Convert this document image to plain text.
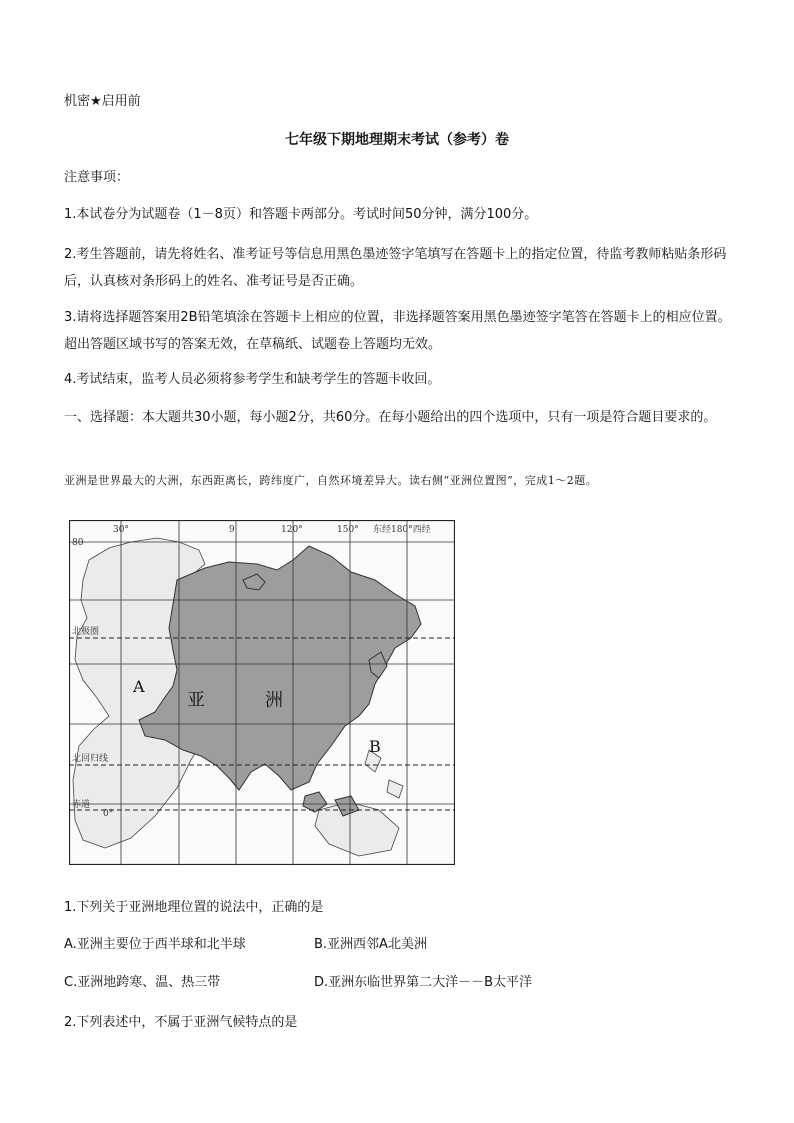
机密★启用前
七年级下期地理期末考试（参考）卷
注意事项：
1.本试卷分为试题卷（1－8页）和答题卡两部分。考试时间50分钟，满分100分。
2.考生答题前，请先将姓名、准考证号等信息用黑色墨迹签字笔填写在答题卡上的指定位置，待监考教师粘贴条形码后，认真核对条形码上的姓名、准考证号是否正确。
3.请将选择题答案用2B铅笔填涂在答题卡上相应的位置，非选择题答案用黑色墨迹签字笔答在答题卡上的相应位置。超出答题区域书写的答案无效，在草稿纸、试题卷上答题均无效。
4.考试结束，监考人员必须将参考学生和缺考学生的答题卡收回。
一、选择题：本大题共30小题，每小题2分，共60分。在每小题给出的四个选项中，只有一项是符合题目要求的。
亚洲是世界最大的大洲，东西距离长，跨纬度广，自然环境差异大。读右侧“亚洲位置图”，完成1～2题。
30°	9	120°	150° 东经180°西经
80
北极圈
北回归线
赤道
0°
A
B
亚	洲
1.下列关于亚洲地理位置的说法中，正确的是
A.亚洲主要位于西半球和北半球	B.亚洲西邻A北美洲
C.亚洲地跨寒、温、热三带	D.亚洲东临世界第二大洋－－B太平洋
2.下列表述中，不属于亚洲气候特点的是
